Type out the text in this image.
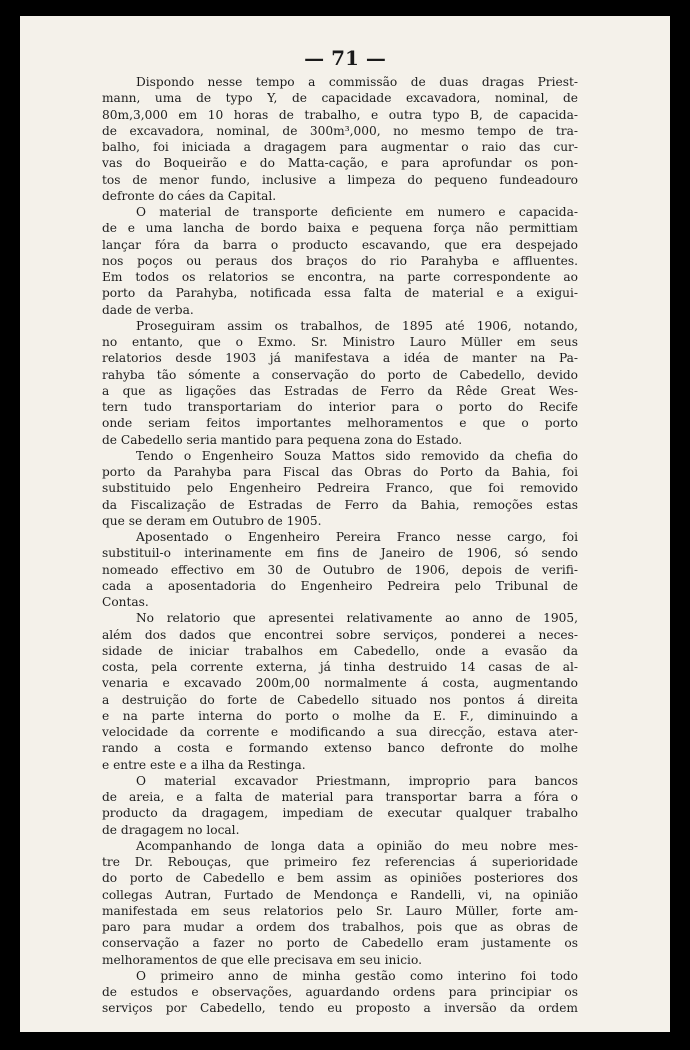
— 71 —
Dispondo nesse tempo a commissão de duas dragas Priest-
mann, uma de typo Y, de capacidade excavadora, nominal, de
80m,3,000 em 10 horas de trabalho, e outra typo B, de capacida-
de excavadora, nominal, de 300m³,000, no mesmo tempo de tra-
balho, foi iniciada a dragagem para augmentar o raio das cur-
vas do Boqueirão e do Matta-cação, e para aprofundar os pon-
tos de menor fundo, inclusive a limpeza do pequeno fundeadouro
defronte do cáes da Capital.
O material de transporte deficiente em numero e capacida-
de e uma lancha de bordo baixa e pequena força não permittiam
lançar fóra da barra o producto escavando, que era despejado
nos poços ou peraus dos braços do rio Parahyba e affluentes.
Em todos os relatorios se encontra, na parte correspondente ao
porto da Parahyba, notificada essa falta de material e a exigui-
dade de verba.
Proseguiram assim os trabalhos, de 1895 até 1906, notando,
no entanto, que o Exmo. Sr. Ministro Lauro Müller em seus
relatorios desde 1903 já manifestava a idéa de manter na Pa-
rahyba tão sómente a conservação do porto de Cabedello, devido
a que as ligações das Estradas de Ferro da Rêde Great Wes-
tern tudo transportariam do interior para o porto do Recife
onde seriam feitos importantes melhoramentos e que o porto
de Cabedello seria mantido para pequena zona do Estado.
Tendo o Engenheiro Souza Mattos sido removido da chefia do
porto da Parahyba para Fiscal das Obras do Porto da Bahia, foi
substituido pelo Engenheiro Pedreira Franco, que foi removido
da Fiscalização de Estradas de Ferro da Bahia, remoções estas
que se deram em Outubro de 1905.
Aposentado o Engenheiro Pereira Franco nesse cargo, foi
substituil-o interinamente em fins de Janeiro de 1906, só sendo
nomeado effectivo em 30 de Outubro de 1906, depois de verifi-
cada a aposentadoria do Engenheiro Pedreira pelo Tribunal de
Contas.
No relatorio que apresentei relativamente ao anno de 1905,
além dos dados que encontrei sobre serviços, ponderei a neces-
sidade de iniciar trabalhos em Cabedello, onde a evasão da
costa, pela corrente externa, já tinha destruido 14 casas de al-
venaria e excavado 200m,00 normalmente á costa, augmentando
a destruição do forte de Cabedello situado nos pontos á direita
e na parte interna do porto o molhe da E. F., diminuindo a
velocidade da corrente e modificando a sua direcção, estava ater-
rando a costa e formando extenso banco defronte do molhe
e entre este e a ilha da Restinga.
O material excavador Priestmann, improprio para bancos
de areia, e a falta de material para transportar barra a fóra o
producto da dragagem, impediam de executar qualquer trabalho
de dragagem no local.
Acompanhando de longa data a opinião do meu nobre mes-
tre Dr. Rebouças, que primeiro fez referencias á superioridade
do porto de Cabedello e bem assim as opiniões posteriores dos
collegas Autran, Furtado de Mendonça e Randelli, vi, na opinião
manifestada em seus relatorios pelo Sr. Lauro Müller, forte am-
paro para mudar a ordem dos trabalhos, pois que as obras de
conservação a fazer no porto de Cabedello eram justamente os
melhoramentos de que elle precisava em seu inicio.
O primeiro anno de minha gestão como interino foi todo
de estudos e observações, aguardando ordens para principiar os
serviços por Cabedello, tendo eu proposto a inversão da ordem
